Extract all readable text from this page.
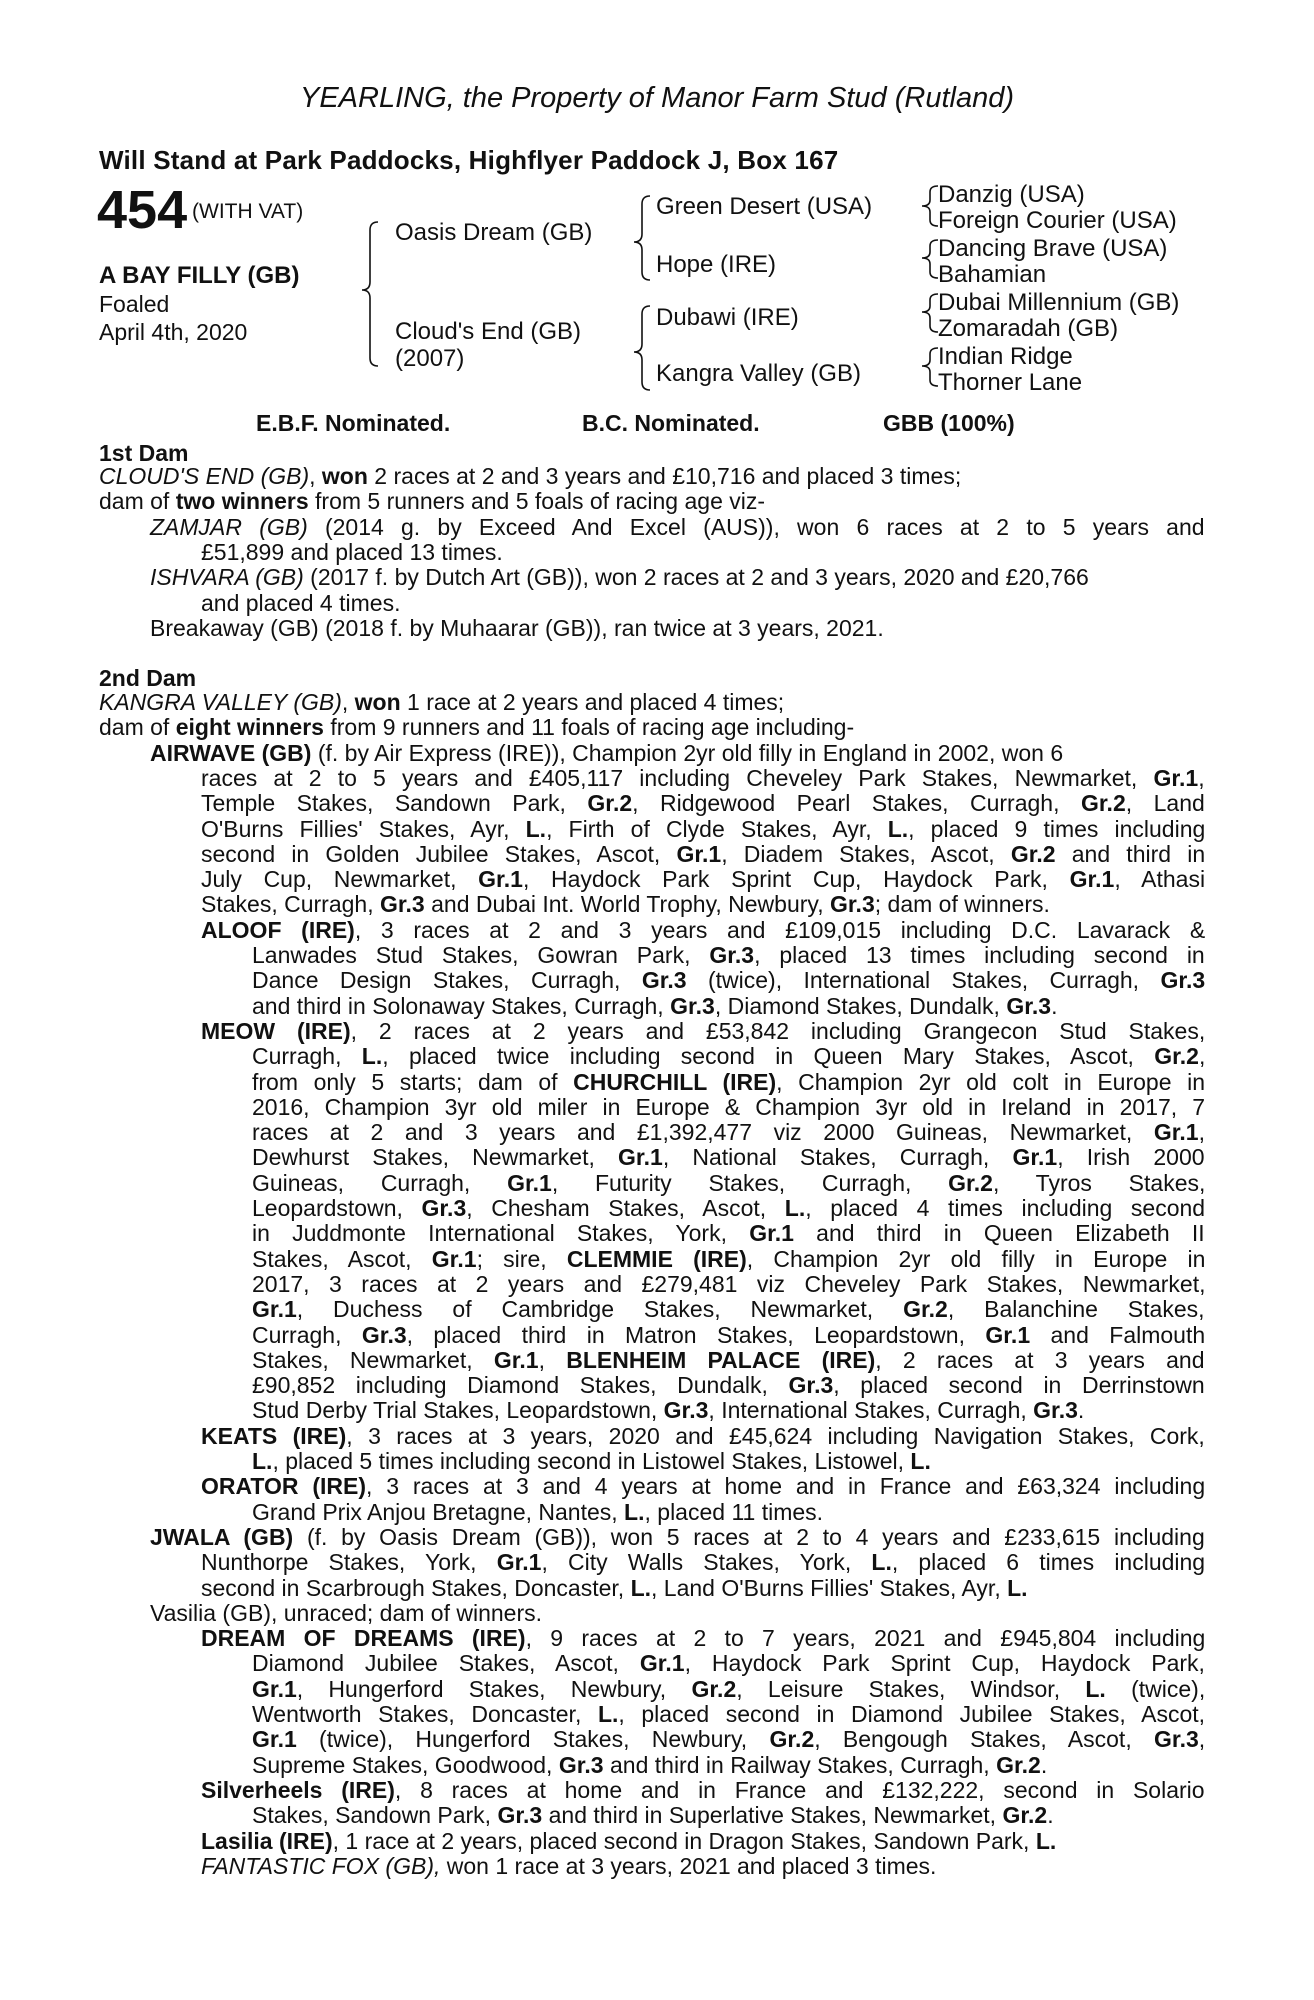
YEARLING, the Property of Manor Farm Stud (Rutland)
Will Stand at Park Paddocks, Highflyer Paddock J, Box 167
454 (WITH VAT)
A BAY FILLY (GB)
Foaled
April 4th, 2020
Oasis Dream (GB)
Cloud's End (GB)
(2007)
Green Desert (USA)
Hope (IRE)
Dubawi (IRE)
Kangra Valley (GB)
Danzig (USA)
Foreign Courier (USA)
Dancing Brave (USA)
Bahamian
Dubai Millennium (GB)
Zomaradah (GB)
Indian Ridge
Thorner Lane
E.B.F. Nominated.	B.C. Nominated.	GBB (100%)
1st Dam
CLOUD'S END (GB), won 2 races at 2 and 3 years and £10,716 and placed 3 times;
dam of two winners from 5 runners and 5 foals of racing age viz-
ZAMJAR (GB) (2014 g. by Exceed And Excel (AUS)), won 6 races at 2 to 5 years and
£51,899 and placed 13 times.
ISHVARA (GB) (2017 f. by Dutch Art (GB)), won 2 races at 2 and 3 years, 2020 and £20,766
and placed 4 times.
Breakaway (GB) (2018 f. by Muhaarar (GB)), ran twice at 3 years, 2021.
2nd Dam
KANGRA VALLEY (GB), won 1 race at 2 years and placed 4 times;
dam of eight winners from 9 runners and 11 foals of racing age including-
AIRWAVE (GB) (f. by Air Express (IRE)), Champion 2yr old filly in England in 2002, won 6
races at 2 to 5 years and £405,117 including Cheveley Park Stakes, Newmarket, Gr.1,
Temple Stakes, Sandown Park, Gr.2, Ridgewood Pearl Stakes, Curragh, Gr.2, Land
O'Burns Fillies' Stakes, Ayr, L., Firth of Clyde Stakes, Ayr, L., placed 9 times including
second in Golden Jubilee Stakes, Ascot, Gr.1, Diadem Stakes, Ascot, Gr.2 and third in
July Cup, Newmarket, Gr.1, Haydock Park Sprint Cup, Haydock Park, Gr.1, Athasi
Stakes, Curragh, Gr.3 and Dubai Int. World Trophy, Newbury, Gr.3; dam of winners.
ALOOF (IRE), 3 races at 2 and 3 years and £109,015 including D.C. Lavarack &
Lanwades Stud Stakes, Gowran Park, Gr.3, placed 13 times including second in
Dance Design Stakes, Curragh, Gr.3 (twice), International Stakes, Curragh, Gr.3
and third in Solonaway Stakes, Curragh, Gr.3, Diamond Stakes, Dundalk, Gr.3.
MEOW (IRE), 2 races at 2 years and £53,842 including Grangecon Stud Stakes,
Curragh, L., placed twice including second in Queen Mary Stakes, Ascot, Gr.2,
from only 5 starts; dam of CHURCHILL (IRE), Champion 2yr old colt in Europe in
2016, Champion 3yr old miler in Europe & Champion 3yr old in Ireland in 2017, 7
races at 2 and 3 years and £1,392,477 viz 2000 Guineas, Newmarket, Gr.1,
Dewhurst Stakes, Newmarket, Gr.1, National Stakes, Curragh, Gr.1, Irish 2000
Guineas, Curragh, Gr.1, Futurity Stakes, Curragh, Gr.2, Tyros Stakes,
Leopardstown, Gr.3, Chesham Stakes, Ascot, L., placed 4 times including second
in Juddmonte International Stakes, York, Gr.1 and third in Queen Elizabeth II
Stakes, Ascot, Gr.1; sire, CLEMMIE (IRE), Champion 2yr old filly in Europe in
2017, 3 races at 2 years and £279,481 viz Cheveley Park Stakes, Newmarket,
Gr.1, Duchess of Cambridge Stakes, Newmarket, Gr.2, Balanchine Stakes,
Curragh, Gr.3, placed third in Matron Stakes, Leopardstown, Gr.1 and Falmouth
Stakes, Newmarket, Gr.1, BLENHEIM PALACE (IRE), 2 races at 3 years and
£90,852 including Diamond Stakes, Dundalk, Gr.3, placed second in Derrinstown
Stud Derby Trial Stakes, Leopardstown, Gr.3, International Stakes, Curragh, Gr.3.
KEATS (IRE), 3 races at 3 years, 2020 and £45,624 including Navigation Stakes, Cork,
L., placed 5 times including second in Listowel Stakes, Listowel, L.
ORATOR (IRE), 3 races at 3 and 4 years at home and in France and £63,324 including
Grand Prix Anjou Bretagne, Nantes, L., placed 11 times.
JWALA (GB) (f. by Oasis Dream (GB)), won 5 races at 2 to 4 years and £233,615 including
Nunthorpe Stakes, York, Gr.1, City Walls Stakes, York, L., placed 6 times including
second in Scarbrough Stakes, Doncaster, L., Land O'Burns Fillies' Stakes, Ayr, L.
Vasilia (GB), unraced; dam of winners.
DREAM OF DREAMS (IRE), 9 races at 2 to 7 years, 2021 and £945,804 including
Diamond Jubilee Stakes, Ascot, Gr.1, Haydock Park Sprint Cup, Haydock Park,
Gr.1, Hungerford Stakes, Newbury, Gr.2, Leisure Stakes, Windsor, L. (twice),
Wentworth Stakes, Doncaster, L., placed second in Diamond Jubilee Stakes, Ascot,
Gr.1 (twice), Hungerford Stakes, Newbury, Gr.2, Bengough Stakes, Ascot, Gr.3,
Supreme Stakes, Goodwood, Gr.3 and third in Railway Stakes, Curragh, Gr.2.
Silverheels (IRE), 8 races at home and in France and £132,222, second in Solario
Stakes, Sandown Park, Gr.3 and third in Superlative Stakes, Newmarket, Gr.2.
Lasilia (IRE), 1 race at 2 years, placed second in Dragon Stakes, Sandown Park, L.
FANTASTIC FOX (GB), won 1 race at 3 years, 2021 and placed 3 times.
